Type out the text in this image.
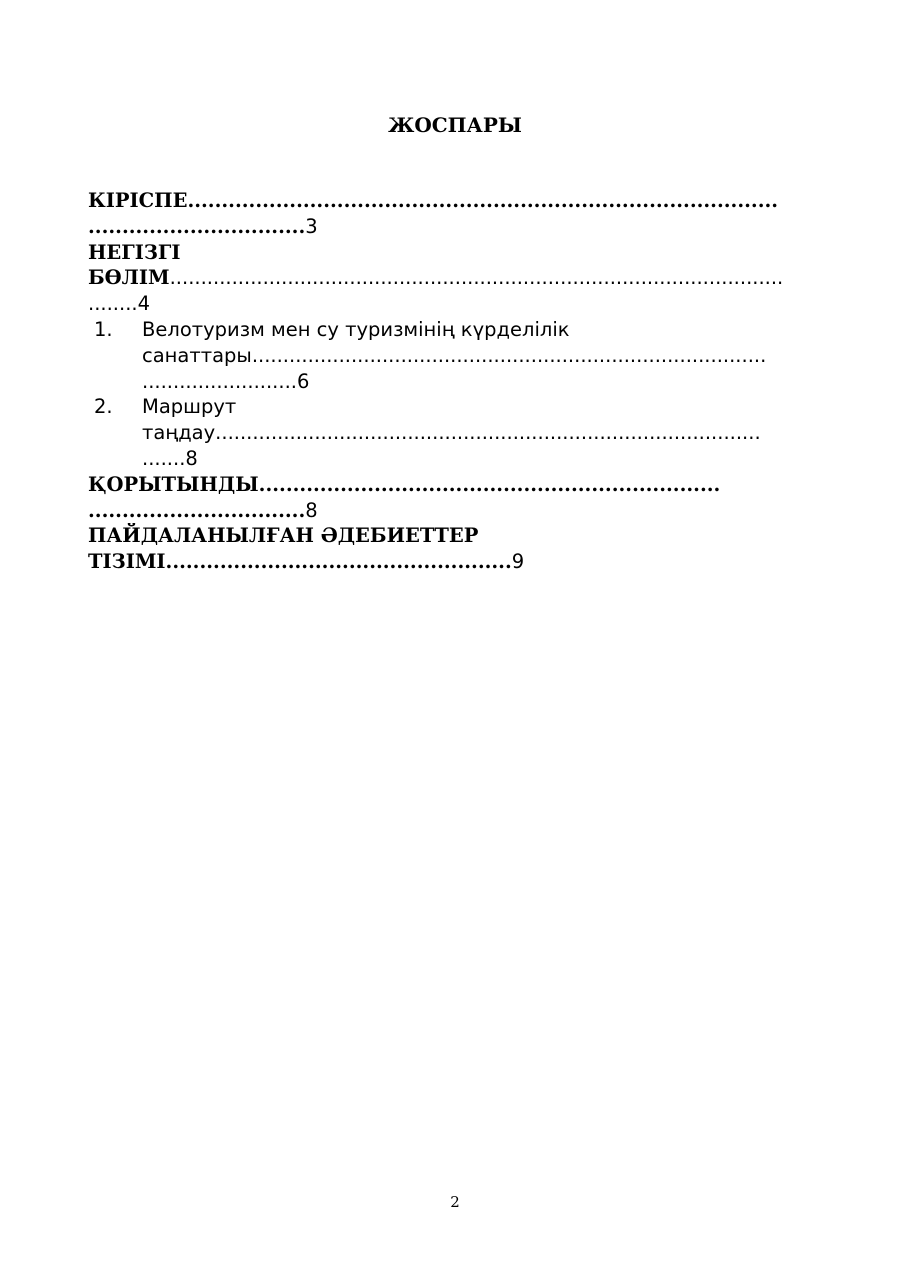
ЖОСПАРЫ
КІРІСПЕ.......................................................................................
................................3
НЕГІЗГІ
БӨЛІМ...................................................................................................
........4
1. Велотуризм мен су туризмінің күрделілік
санаттары...................................................................................
.........................6
2. Маршрут
таңдау........................................................................................
.......8
ҚОРЫТЫНДЫ....................................................................
................................8
ПАЙДАЛАНЫЛҒАН ӘДЕБИЕТТЕР
ТІЗІМІ...................................................9
2
